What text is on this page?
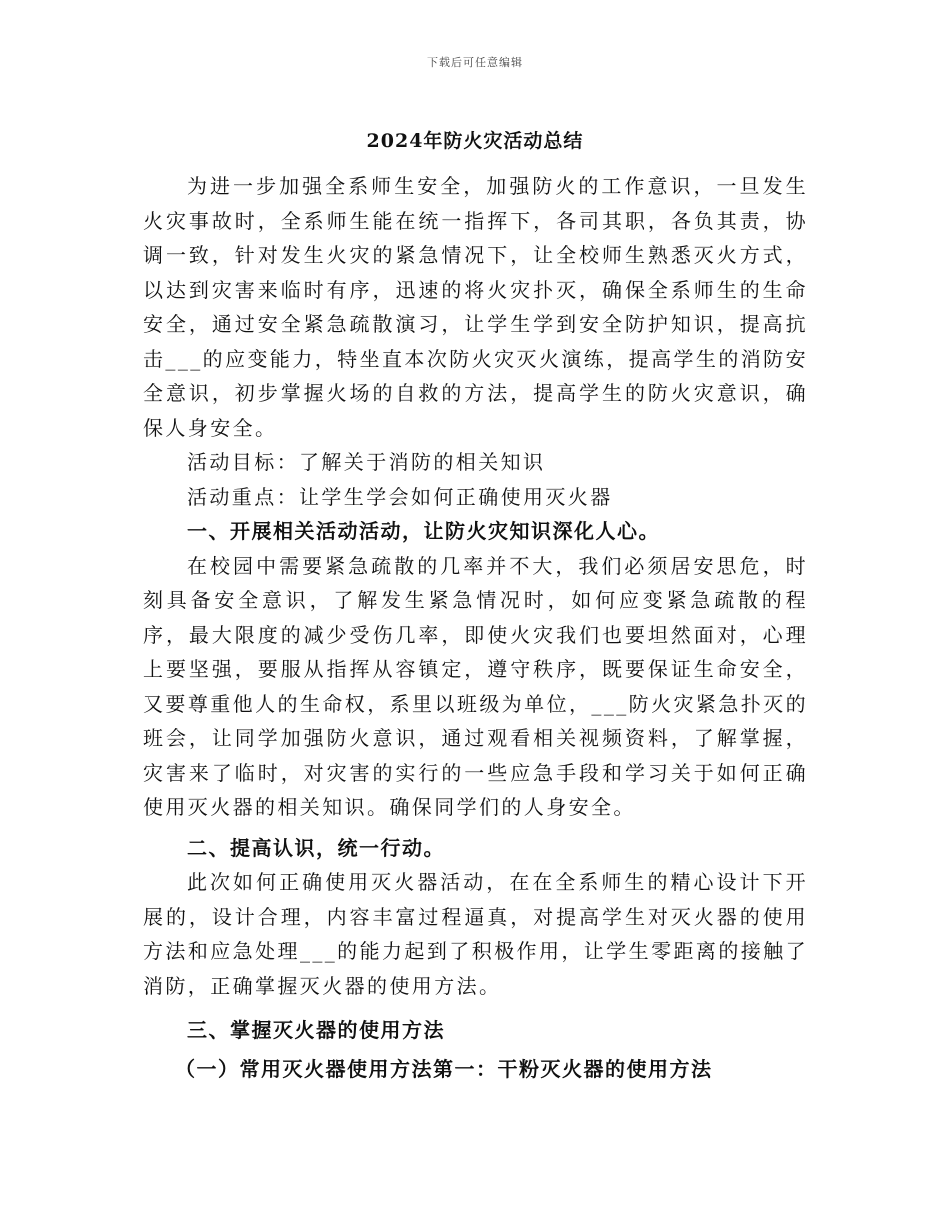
下载后可任意编辑
2024年防火灾活动总结

为进一步加强全系师生安全，加强防火的工作意识，一旦发生火灾事故时，全系师生能在统一指挥下，各司其职，各负其责，协调一致，针对发生火灾的紧急情况下，让全校师生熟悉灭火方式，以达到灾害来临时有序，迅速的将火灾扑灭，确保全系师生的生命安全，通过安全紧急疏散演习，让学生学到安全防护知识，提高抗击___的应变能力，特坐直本次防火灾灭火演练，提高学生的消防安全意识，初步掌握火场的自救的方法，提高学生的防火灾意识，确保人身安全。

活动目标：了解关于消防的相关知识

活动重点：让学生学会如何正确使用灭火器

一、开展相关活动活动，让防火灾知识深化人心。

在校园中需要紧急疏散的几率并不大，我们必须居安思危，时刻具备安全意识，了解发生紧急情况时，如何应变紧急疏散的程序，最大限度的减少受伤几率，即使火灾我们也要坦然面对，心理上要坚强，要服从指挥从容镇定，遵守秩序，既要保证生命安全，又要尊重他人的生命权，系里以班级为单位，___防火灾紧急扑灭的班会，让同学加强防火意识，通过观看相关视频资料，了解掌握，灾害来了临时，对灾害的实行的一些应急手段和学习关于如何正确使用灭火器的相关知识。确保同学们的人身安全。

二、提高认识，统一行动。

此次如何正确使用灭火器活动，在在全系师生的精心设计下开展的，设计合理，内容丰富过程逼真，对提高学生对灭火器的使用方法和应急处理___的能力起到了积极作用，让学生零距离的接触了消防，正确掌握灭火器的使用方法。

三、掌握灭火器的使用方法

（一）常用灭火器使用方法第一：干粉灭火器的使用方法
